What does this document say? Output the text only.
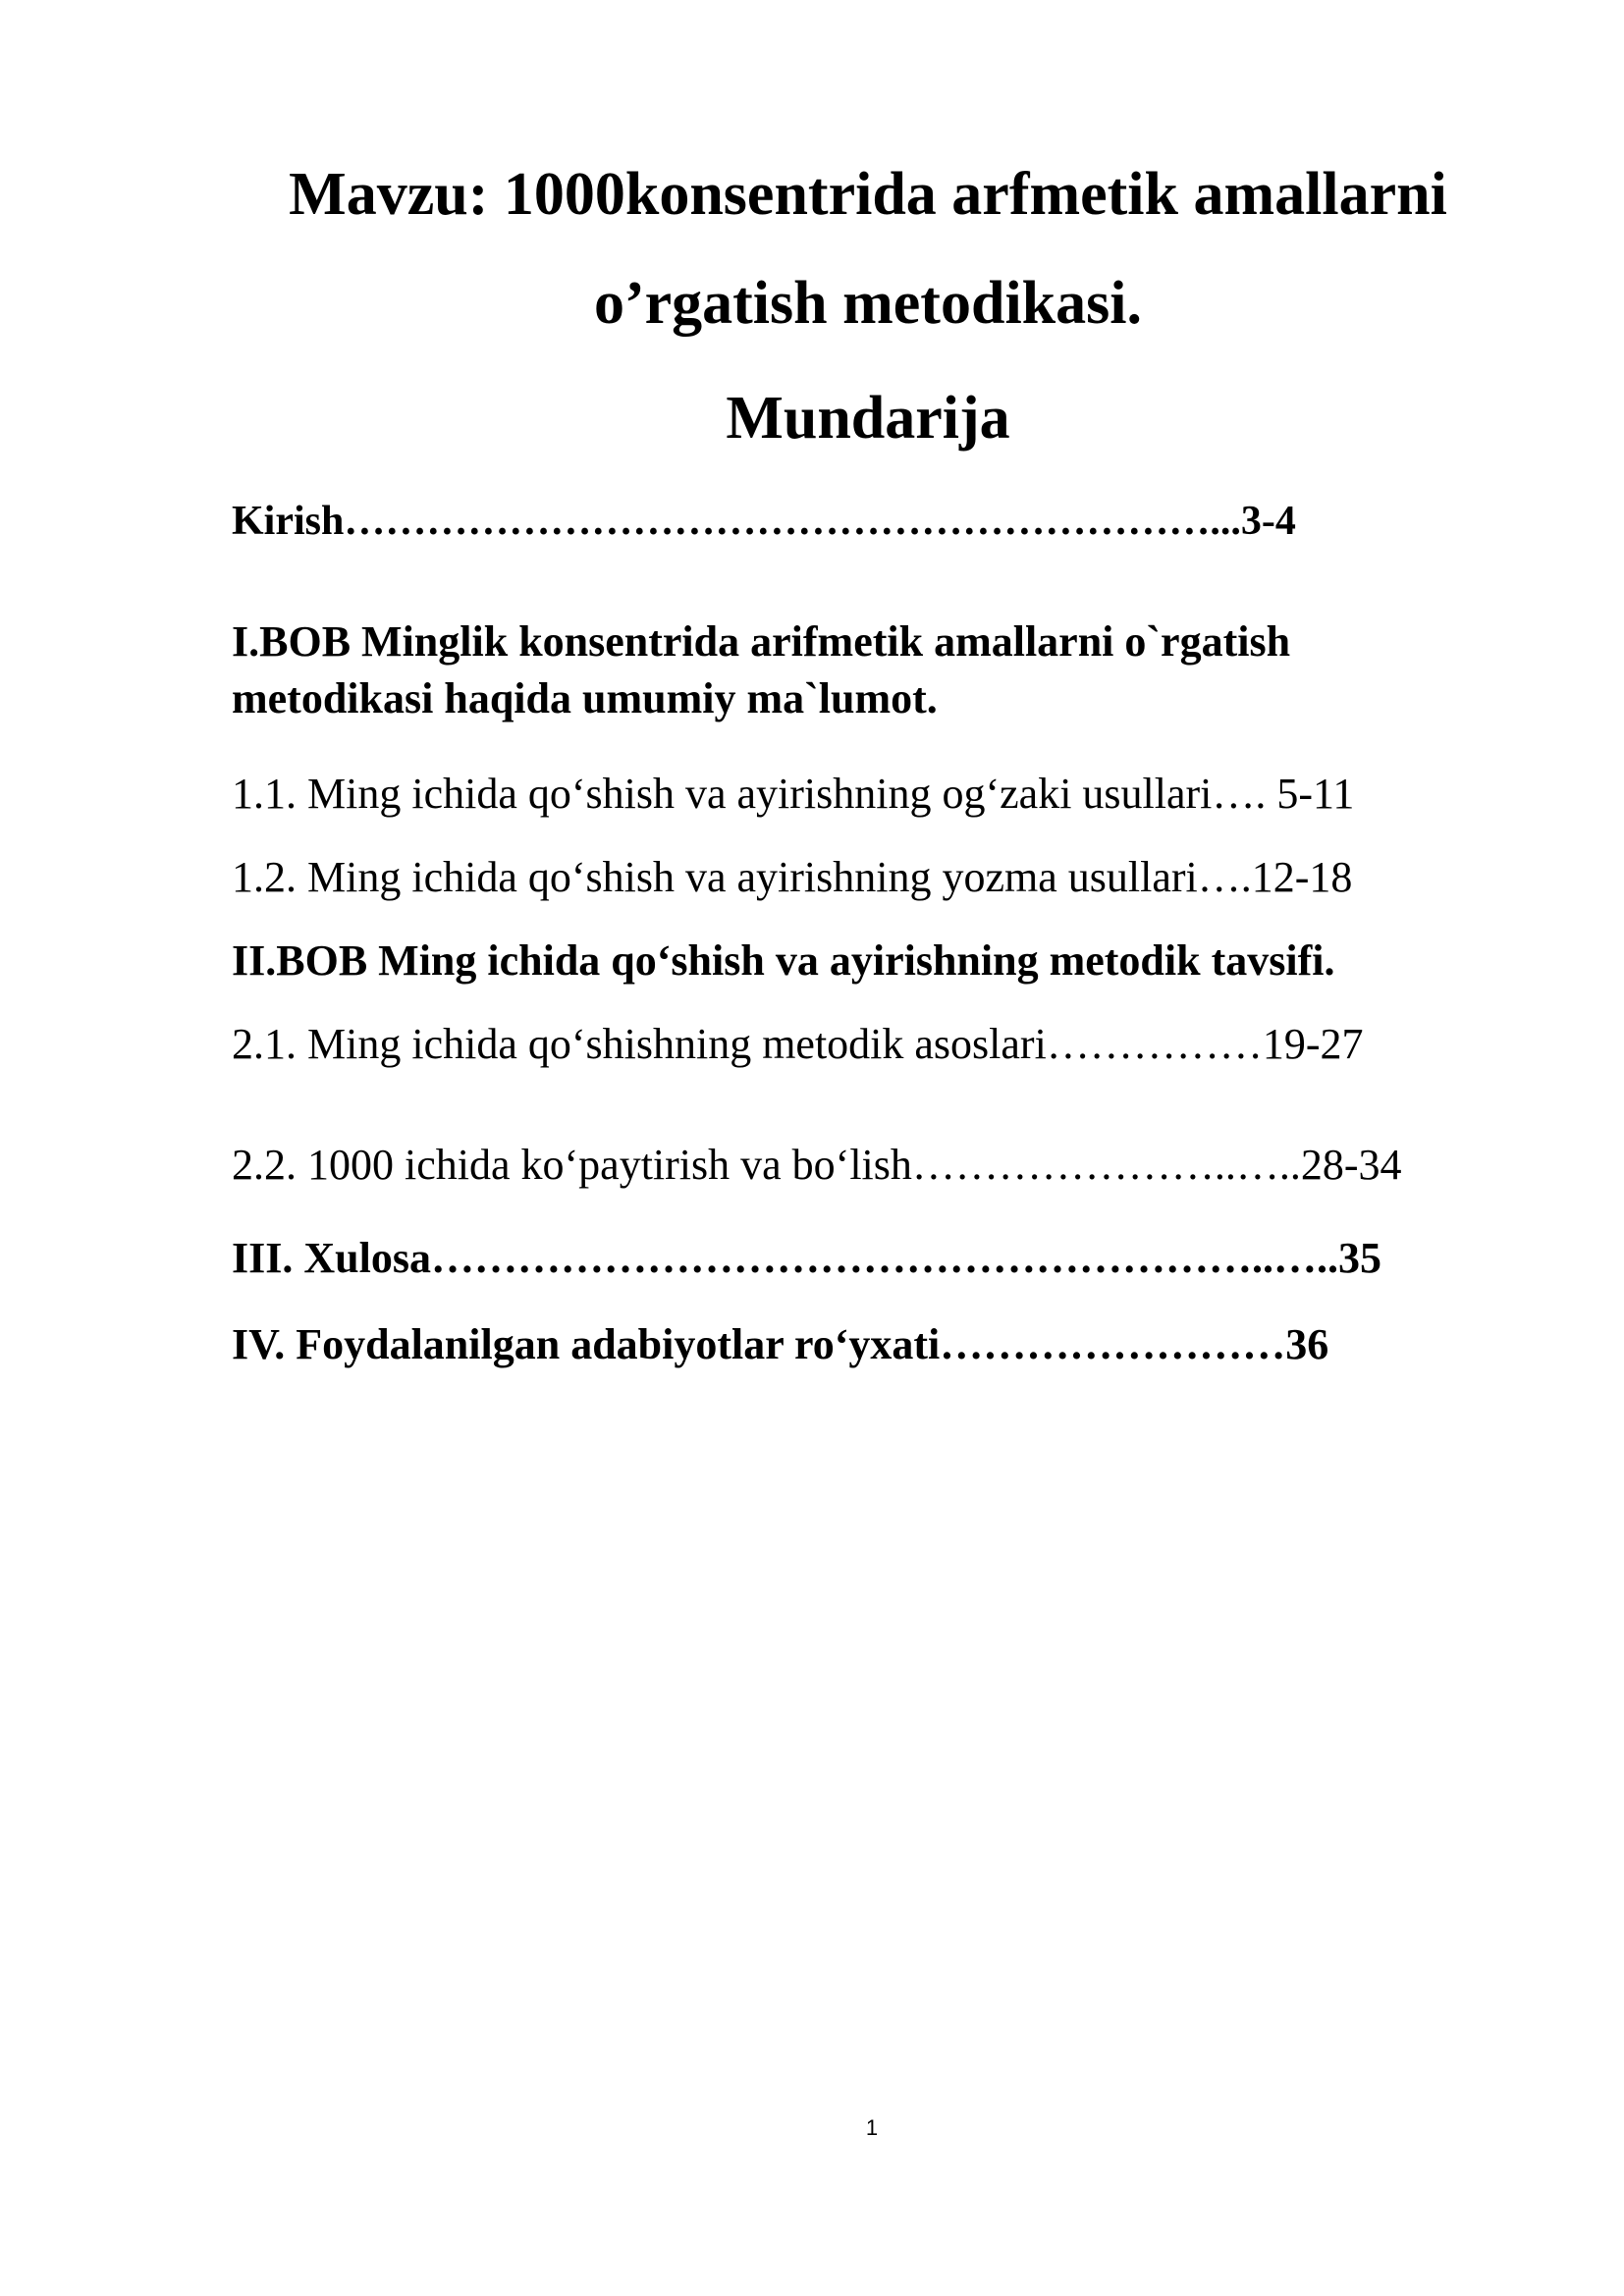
Mavzu: 1000konsentrida arfmetik amallarni
o’rgatish metodikasi.
Mundarija
Kirish………………………………………………………...3-4
I.BOB Minglik konsentrida arifmetik amallarni o`rgatish
metodikasi haqida umumiy ma`lumot.
1.1. Ming ichida qo‘shish va ayirishning og‘zaki usullari…. 5-11
1.2. Ming ichida qo‘shish va ayirishning yozma usullari….12-18
II.BOB Ming ichida qo‘shish va ayirishning metodik tavsifi.
2.1. Ming ichida qo‘shishning metodik asoslari……………19-27
2.2. 1000 ichida ko‘paytirish va bo‘lish…………………..…..28-34
III. Xulosa…………………………………………………..…..35
IV. Foydalanilgan adabiyotlar ro‘yxati……………………36
1
